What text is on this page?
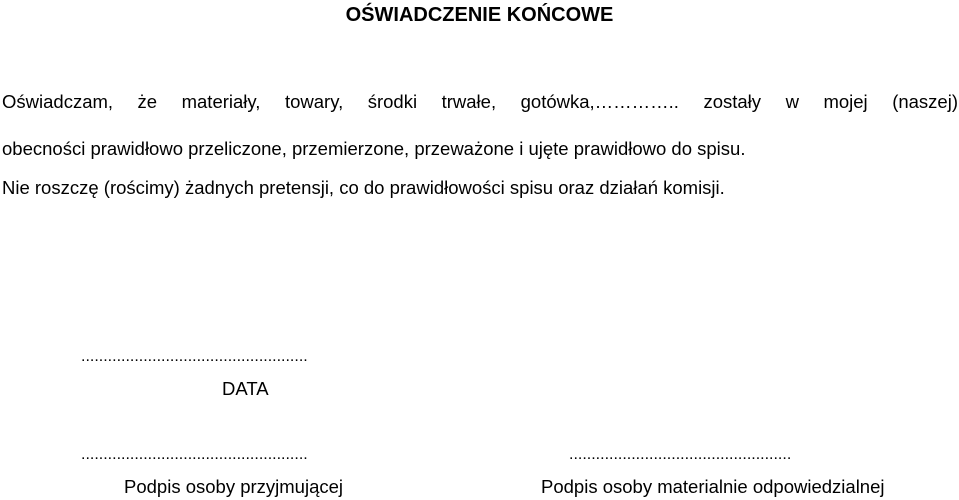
OŚWIADCZENIE KOŃCOWE
Oświadczam, że materiały, towary, środki trwałe, gotówka,………….. zostały w mojej (naszej)
obecności prawidłowo przeliczone, przemierzone, przeważone i ujęte prawidłowo do spisu.
Nie roszczę (rościmy) żadnych pretensji, co do prawidłowości spisu oraz działań komisji.
...................................................
DATA
...................................................
Podpis osoby przyjmującej
..................................................
Podpis osoby materialnie odpowiedzialnej
